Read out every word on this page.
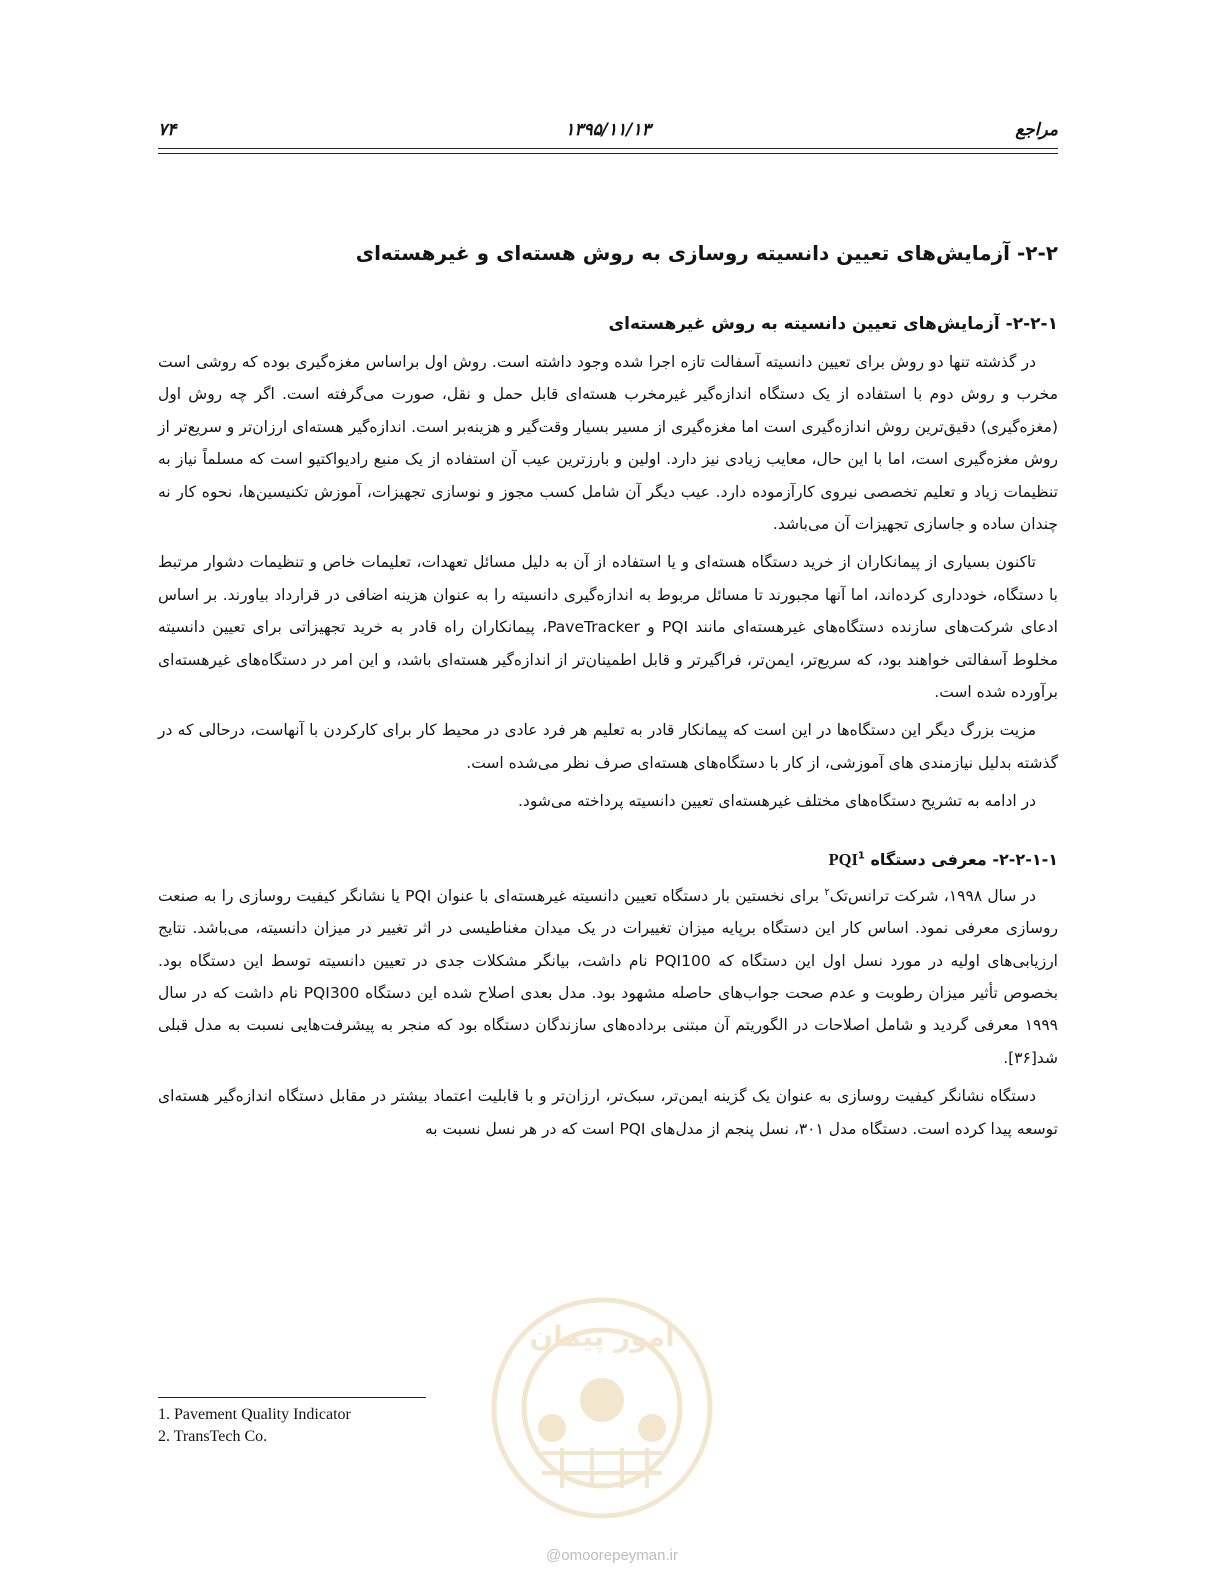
مراجع
۱۳۹۵/۱۱/۱۳
۷۴
۲-۲- آزمایش‌های تعیین دانسیته روسازی به روش هسته‌ای و غیرهسته‌ای
۲-۲-۱- آزمایش‌های تعیین دانسیته به روش غیرهسته‌ای

در گذشته تنها دو روش برای تعیین دانسیته آسفالت تازه اجرا شده وجود داشته است. روش اول براساس مغزه‌گیری بوده که روشی است مخرب و روش دوم با استفاده از یک دستگاه اندازه‌گیر غیرمخرب هسته‌ای قابل حمل و نقل، صورت می‌گرفته است. اگر چه روش اول (مغزه‌گیری) دقیق‌ترین روش اندازه‌گیری است اما مغزه‌گیری از مسیر بسیار وقت‌گیر و هزینه‌بر است. اندازه‌گیر هسته‌ای ارزان‌تر و سریع‌تر از روش مغزه‌گیری است، اما با این حال، معایب زیادی نیز دارد. اولین و بارزترین عیب آن استفاده از یک منبع رادیواکتیو است که مسلماً نیاز به تنظیمات زیاد و تعلیم تخصصی نیروی کارآزموده دارد. عیب دیگر آن شامل کسب مجوز و نوسازی تجهیزات، آموزش تکنیسین‌ها، نحوه کار نه چندان ساده و جاسازی تجهیزات آن می‌باشد.

تاکنون بسیاری از پیمانکاران از خرید دستگاه هسته‌ای و یا استفاده از آن به دلیل مسائل تعهدات، تعلیمات خاص و تنظیمات دشوار مرتبط با دستگاه، خودداری کرده‌اند، اما آنها مجبورند تا مسائل مربوط به اندازه‌گیری دانسیته را به عنوان هزینه اضافی در قرارداد بیاورند. بر اساس ادعای شرکت‌های سازنده دستگاه‌های غیرهسته‌ای مانند PQI و PaveTracker، پیمانکاران راه قادر به خرید تجهیزاتی برای تعیین دانسیته مخلوط آسفالتی خواهند بود، که سریع‌تر، ایمن‌تر، فراگیرتر و قابل اطمینان‌تر از اندازه‌گیر هسته‌ای باشد، و این امر در دستگاه‌های غیرهسته‌ای برآورده شده است.

مزیت بزرگ دیگر این دستگاه‌ها در این است که پیمانکار قادر به تعلیم هر فرد عادی در محیط کار برای کارکردن با آنهاست، درحالی که در گذشته بدلیل نیازمندی های آموزشی، از کار با دستگاه‌های هسته‌ای صرف نظر می‌شده است.

در ادامه به تشریح دستگاه‌های مختلف غیرهسته‌ای تعیین دانسیته پرداخته می‌شود.

۲-۲-۱-۱- معرفی دستگاه PQI$^1$

در سال ۱۹۹۸، شرکت ترانس‌تک$^۲$ برای نخستین بار دستگاه تعیین دانسیته غیرهسته‌ای با عنوان PQI یا نشانگر کیفیت روسازی را به صنعت روسازی معرفی نمود. اساس کار این دستگاه برپایه میزان تغییرات در یک میدان مغناطیسی در اثر تغییر در میزان دانسیته، می‌باشد. نتایج ارزیابی‌های اولیه در مورد نسل اول این دستگاه که PQI100 نام داشت، بیانگر مشکلات جدی در تعیین دانسیته توسط این دستگاه بود. بخصوص تأثیر میزان رطوبت و عدم صحت جواب‌های حاصله مشهود بود. مدل بعدی اصلاح شده این دستگاه PQI300 نام داشت که در سال ۱۹۹۹ معرفی گردید و شامل اصلاحات در الگوریتم آن مبتنی برداده‌های سازندگان دستگاه بود که منجر به پیشرفت‌هایی نسبت به مدل قبلی شد[۳۶].

دستگاه نشانگر کیفیت روسازی به عنوان یک گزینه ایمن‌تر، سبک‌تر، ارزان‌تر و با قابلیت اعتماد بیشتر در مقابل دستگاه اندازه‌گیر هسته‌ای توسعه پیدا کرده است. دستگاه مدل ۳۰۱، نسل پنجم از مدل‌های PQI است که در هر نسل نسبت به

1. Pavement Quality Indicator
2. TransTech Co.
امور پیمان
@omoorepeyman.ir
